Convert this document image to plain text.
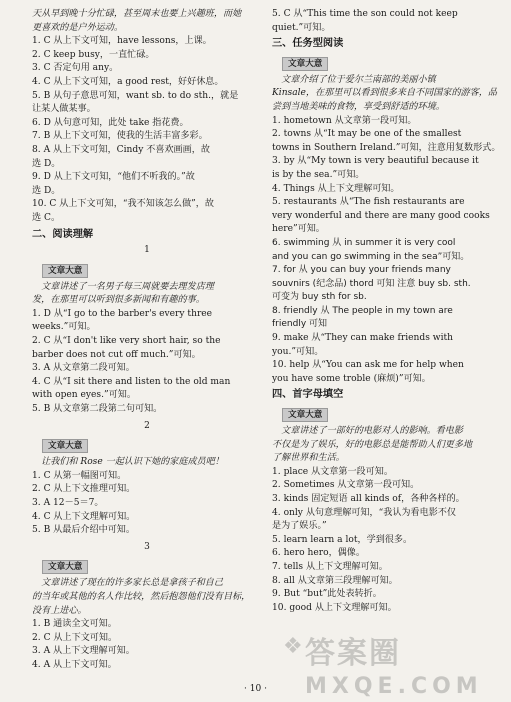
天从早到晚十分忙碌，甚至周末也要上兴趣班，而她
更喜欢的是户外运动。
1. C 从上下文可知，have lessons，上课。
2. C keep busy，一直忙碌。
3. C 否定句用 any。
4. C 从上下文可知，a good rest，好好休息。
5. B 从句子意思可知，want sb. to do sth.，就是
让某人做某事。
6. D 从句意可知，此处 take 指花费。
7. B 从上下文可知，使我的生活丰富多彩。
8. A 从上下文可知，Cindy 不喜欢画画，故
选 D。
9. D 从上下文可知，“他们不听我的。”故
选 D。
10. C 从上下文可知，“我不知该怎么做”，故
选 C。
二、阅读理解
1
文章大意
　文章讲述了一名男子每三周就要去理发店理
发，在那里可以听到很多新闻和有趣的事。
1. D 从“I go to the barber's every three
weeks.”可知。
2. C 从“I don't like very short hair, so the
barber does not cut off much.”可知。
3. A 从文章第二段可知。
4. C 从“I sit there and listen to the old man
with open eyes.”可知。
5. B 从文章第二段第二句可知。
2
文章大意
　让我们和 Rose 一起认识下她的家庭成员吧！
1. C 从第一幅图可知。
2. C 从上下文推理可知。
3. A 12－5＝7。
4. C 从上下文理解可知。
5. B 从最后介绍中可知。
3
文章大意
　文章讲述了现在的许多家长总是拿孩子和自己
的当年或其他的名人作比较，然后抱怨他们没有目标，
没有上进心。
1. B 通读全文可知。
2. C 从上下文可知。
3. A 从上下文理解可知。
4. A 从上下文可知。
5. C 从“This time the son could not keep
quiet.”可知。
三、任务型阅读
文章大意
　文章介绍了位于爱尔兰南部的美丽小镇
Kinsale，在那里可以看到很多来自不同国家的游客，品
尝到当地美味的食物，享受到舒适的环境。
1. hometown 从文章第一段可知。
2. towns 从“It may be one of the smallest
towns in Southern Ireland.”可知，注意用复数形式。
3. by 从“My town is very beautiful because it
is by the sea.”可知。
4. Things 从上下文理解可知。
5. restaurants 从“The fish restaurants are
very wonderful and there are many good cooks
here”可知。
6. swimming 从 in summer it is very cool
and you can go swimming in the sea”可知。
7. for 从 you can buy your friends many
souvnirs (纪念品) thord 可知 注意 buy sb. sth.
可变为 buy sth for sb.
8. friendly 从 The people in my town are
friendly 可知
9. make 从“They can make friends with
you.”可知。
10. help 从“You can ask me for help when
you have some troble (麻烦)”可知。
四、首字母填空
文章大意
　文章讲述了一部好的电影对人的影响。看电影
不仅是为了娱乐，好的电影总是能帮助人们更多地
了解世界和生活。
1. place 从文章第一段可知。
2. Sometimes 从文章第一段可知。
3. kinds 固定短语 all kinds of，各种各样的。
4. only 从句意理解可知，“我认为看电影不仅
是为了娱乐。”
5. learn learn a lot，学到很多。
6. hero hero，偶像。
7. tells 从上下文理解可知。
8. all 从文章第三段理解可知。
9. But “but”此处表转折。
10. good 从上下文理解可知。
· 10 ·
❖ 答案圈
MXQE.COM
